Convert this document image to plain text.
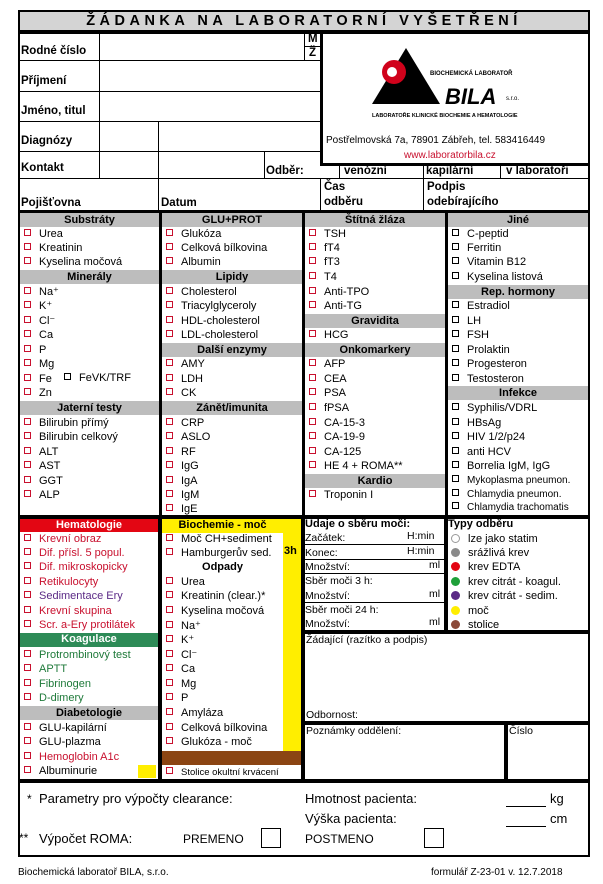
ŽÁDANKA NA LABORATORNÍ VYŠETŘENÍ
Rodné číslo
M
Ž
Příjmení
Jméno, titul
Diagnózy
Kontakt	Odběr:	venózní	kapilární	v laboratoři
Pojišťovna	Datum
Čas
odběru
Podpis
odebírajícího
BIOCHEMICKÁ LABORATOŘ
BILA s.r.o.
LABORATOŘE KLINICKÉ BIOCHEMIE A HEMATOLOGIE
Postřelmovská 7a, 78901 Zábřeh, tel. 583416449
www.laboratorbila.cz
Substráty
Urea
Kreatinin
Kyselina močová
Minerály
Na⁺
K⁺
Cl⁻
Ca
P
Mg
Fe	FeVK/TRF
Zn
Jaterní testy
Bilirubin přímý
Bilirubin celkový
ALT
AST
GGT
ALP
GLU+PROT
Glukóza
Celková bílkovina
Albumin
Lipidy
Cholesterol
Triacylglyceroly
HDL-cholesterol
LDL-cholesterol
Další enzymy
AMY
LDH
CK
Zánět/imunita
CRP
ASLO
RF
IgG
IgA
IgM
IgE
Štítná žláza
TSH
fT4
fT3
T4
Anti-TPO
Anti-TG
Gravidita
HCG
Onkomarkery
AFP
CEA
PSA
fPSA
CA-15-3
CA-19-9
CA-125
HE 4 + ROMA**
Kardio
Troponin I
Jiné
C-peptid
Ferritin
Vitamin B12
Kyselina listová
Rep. hormony
Estradiol
LH
FSH
Prolaktin
Progesteron
Testosteron
Infekce
Syphilis/VDRL
HBsAg
HIV 1/2/p24
anti HCV
Borrelia IgM, IgG
Mykoplasma pneumon.
Chlamydia pneumon.
Chlamydia trachomatis
Hematologie
Krevní obraz
Dif. přísl. 5 popul.
Dif. mikroskopicky
Retikulocyty
Sedimentace Ery
Krevní skupina
Scr. a-Ery protilátek
Koagulace
Protrombinový test
APTT
Fibrinogen
D-dimery
Diabetologie
GLU-kapilární
GLU-plazma
Hemoglobin A1c
Albuminurie
Biochemie - moč
Moč CH+sediment
Hamburgerův sed. 3h
Odpady
Urea
Kreatinin (clear.)*
Kyselina močová
Na⁺
K⁺
Cl⁻
Ca
Mg
P
Amyláza
Celková bílkovina
Glukóza - moč
Stolice okultní krvácení
Údaje o sběru moči:
Začátek:	H:min
Konec:	H:min
Množství:	ml
Sběr moči 3 h:
Množství:	ml
Sběr moči 24 h:
Množství:	ml
Typy odběru
lze jako statim
srážlivá krev
krev EDTA
krev citrát - koagul.
krev citrát - sedim.
moč
stolice
Žádající (razítko a podpis)
Odbornost:
Poznámky oddělení:	Číslo
* Parametry pro výpočty clearance:	Hmotnost pacienta:	kg
Výška pacienta:	cm
** Výpočet ROMA:	PREMENO	POSTMENO
Biochemická laboratoř BILA, s.r.o.	formulář Z-23-01 v. 12.7.2018
